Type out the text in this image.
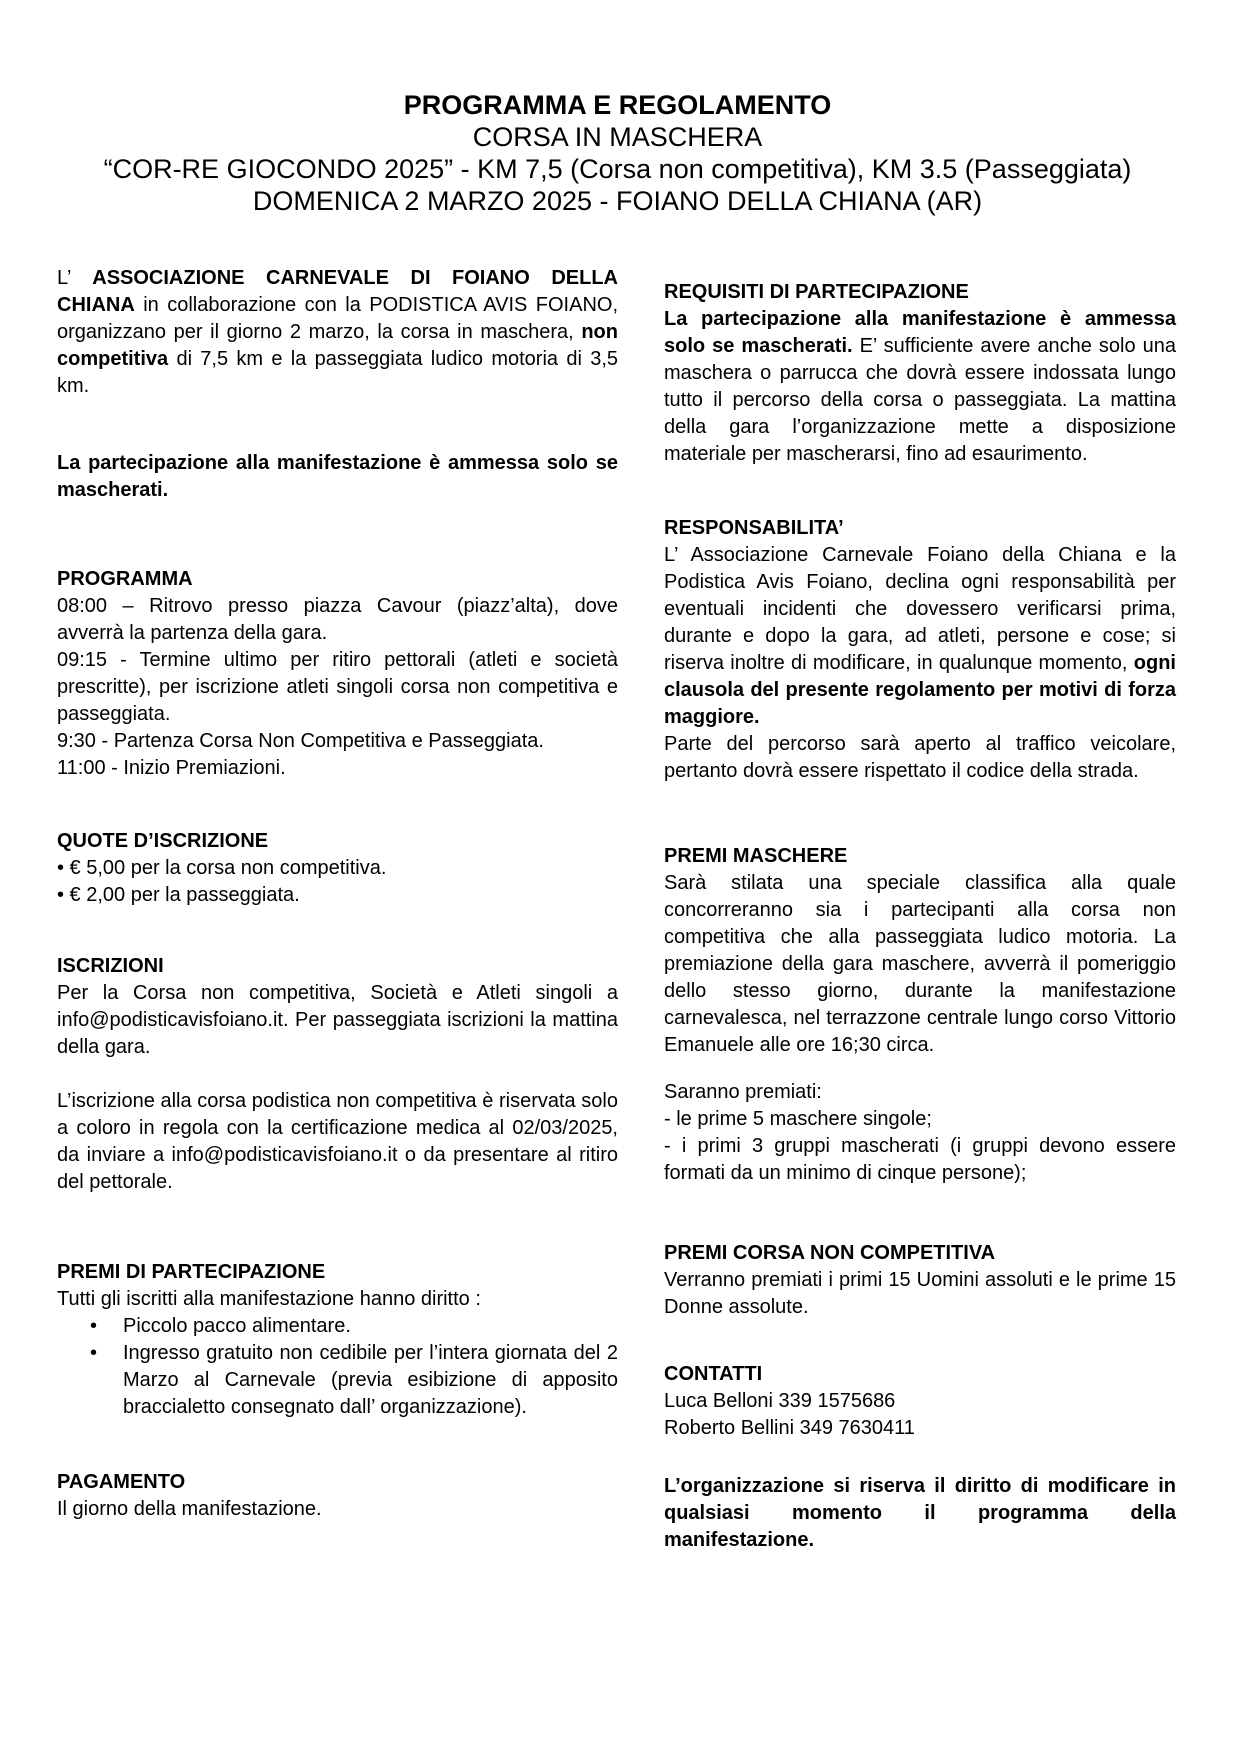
PROGRAMMA E REGOLAMENTO
CORSA IN MASCHERA
“COR-RE GIOCONDO 2025” - KM 7,5 (Corsa non competitiva), KM 3.5 (Passeggiata)
DOMENICA 2 MARZO 2025 - FOIANO DELLA CHIANA (AR)

L’ ASSOCIAZIONE CARNEVALE DI FOIANO DELLA CHIANA in collaborazione con la PODISTICA AVIS FOIANO, organizzano per il giorno 2 marzo, la corsa in maschera, non competitiva di 7,5 km e la passeggiata ludico motoria di 3,5 km.

La partecipazione alla manifestazione è ammessa solo se mascherati.

PROGRAMMA

08:00 – Ritrovo presso piazza Cavour (piazz’alta), dove avverrà la partenza della gara.

09:15 - Termine ultimo per ritiro pettorali (atleti e società prescritte), per iscrizione atleti singoli corsa non competitiva e passeggiata.

9:30 - Partenza Corsa Non Competitiva e Passeggiata.

11:00 - Inizio Premiazioni.

QUOTE D’ISCRIZIONE

• € 5,00 per la corsa non competitiva.

• € 2,00 per la passeggiata.

ISCRIZIONI

Per la Corsa non competitiva, Società e Atleti singoli a info@podisticavisfoiano.it. Per passeggiata iscrizioni la mattina della gara.

L’iscrizione alla corsa podistica non competitiva è riservata solo a coloro in regola con la certificazione medica al 02/03/2025, da inviare a info@podisticavisfoiano.it o da presentare al ritiro del pettorale.

PREMI DI PARTECIPAZIONE

Tutti gli iscritti alla manifestazione hanno diritto :

•	Piccolo pacco alimentare.
•	Ingresso gratuito non cedibile per l’intera giornata del 2 Marzo al Carnevale (previa esibizione di apposito braccialetto consegnato dall’ organizzazione).
PAGAMENTO

Il giorno della manifestazione.

REQUISITI DI PARTECIPAZIONE

La partecipazione alla manifestazione è ammessa solo se mascherati. E’ sufficiente avere anche solo una maschera o parrucca che dovrà essere indossata lungo tutto il percorso della corsa o passeggiata. La mattina della gara l’organizzazione mette a disposizione materiale per mascherarsi, fino ad esaurimento.

RESPONSABILITA’

L’ Associazione Carnevale Foiano della Chiana e la Podistica Avis Foiano, declina ogni responsabilità per eventuali incidenti che dovessero verificarsi prima, durante e dopo la gara, ad atleti, persone e cose; si riserva inoltre di modificare, in qualunque momento, ogni clausola del presente regolamento per motivi di forza maggiore.

Parte del percorso sarà aperto al traffico veicolare, pertanto dovrà essere rispettato il codice della strada.

PREMI MASCHERE

Sarà stilata una speciale classifica alla quale concorreranno sia i partecipanti alla corsa non competitiva che alla passeggiata ludico motoria. La premiazione della gara maschere, avverrà il pomeriggio dello stesso giorno, durante la manifestazione carnevalesca, nel terrazzone centrale lungo corso Vittorio Emanuele alle ore 16;30 circa.

Saranno premiati:

- le prime 5 maschere singole;

- i primi 3 gruppi mascherati (i gruppi devono essere formati da un minimo di cinque persone);

PREMI CORSA NON COMPETITIVA

Verranno premiati i primi 15 Uomini assoluti e le prime 15 Donne assolute.

CONTATTI

Luca Belloni 339 1575686

Roberto Bellini 349 7630411

L’organizzazione si riserva il diritto di modificare in qualsiasi momento il programma della manifestazione.
